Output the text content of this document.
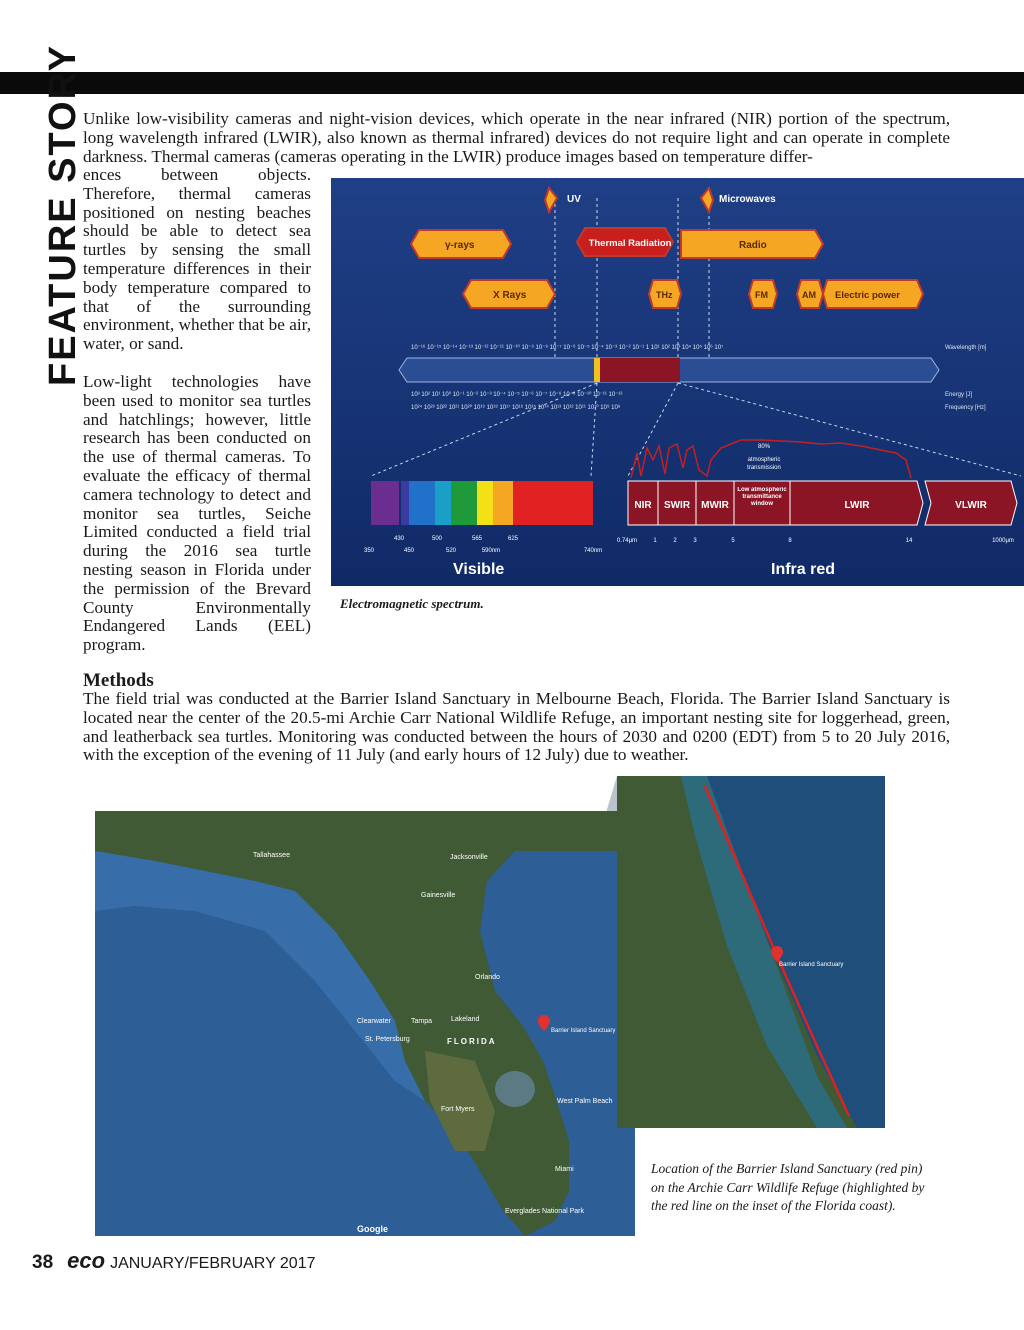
FEATURE STORY Unlike low-visibility cameras and night-vision devices, which operate in the near infrared (NIR) portion of the spectrum, long wavelength infrared (LWIR), also known as thermal infrared) devices do not require light and can operate in complete darkness. Thermal cameras (cameras operating in the LWIR) produce images based on temperature differ-

ences between objects. Therefore, thermal cameras positioned on nesting beaches should be able to detect sea turtles by sensing the small temperature differences in their body temperature compared to that of the surrounding environment, whether that be air, water, or sand.

Low-light technologies have been used to monitor sea turtles and hatchlings; however, little research has been conducted on the use of thermal cameras. To evaluate the efficacy of thermal camera technology to detect and monitor sea turtles, Seiche Limited conducted a field trial during the 2016 sea turtle nesting season in Florida under the permission of the Brevard County Environmentally Endangered Lands (EEL) program.

Methods

The field trial was conducted at the Barrier Island Sanctuary in Melbourne Beach, Florida. The Barrier Island Sanctuary is located near the center of the 20.5-mi Archie Carr National Wildlife Refuge, an important nesting site for loggerhead, green, and leatherback sea turtles. Monitoring was conducted between the hours of 2030 and 0200 (EDT) from 5 to 20 July 2016, with the exception of the evening of 11 July (and early hours of 12 July) due to weather.

UV	Microwaves
γ-rays	Thermal Radiation	Radio
X Rays	THz	FM	AM Electric power
10⁻¹⁶ 10⁻¹⁵ 10⁻¹⁴ 10⁻¹³ 10⁻¹² 10⁻¹¹ 10⁻¹⁰ 10⁻⁹ 10⁻⁸ 10⁻⁷ 10⁻⁶ 10⁻⁵ 10⁻⁴ 10⁻³ 10⁻² 10⁻¹ 1 10¹ 10² 10³ 10⁴ 10⁵ 10⁶ 10⁷
10³ 10² 10¹ 10⁰ 10⁻¹ 10⁻² 10⁻³ 10⁻⁴ 10⁻⁵ 10⁻⁶ 10⁻⁷ 10⁻⁸ 10⁻⁹ 10⁻¹⁰ 10⁻¹¹ 10⁻¹²
10²⁴ 10²³ 10²² 10²¹ 10²⁰ 10¹⁹ 10¹⁸ 10¹⁷ 10¹⁶ 10¹⁵ 10¹⁴ 10¹³ 10¹² 10¹¹ 10¹⁰ 10⁹ 10⁸
Wavelength [m]
Energy [J]
Frequency [Hz]
80%
atmospheric
transmission
430	500	565	625
350	450	520	590nm	740nm
NIR SWIR MWIR	LWIR	VLWIR
Low atmospheric transmittance window
0.74μm	1	2	3	5	8	14	1000μm
Visible	Infra red

Electromagnetic spectrum.

Tallahassee	Jacksonville
Gainesville
Orlando
Tampa
Clearwater
St. Petersburg
Lakeland
Fort Myers
Miami
West Palm Beach
Everglades National Park
FLORIDA
Barrier Island Sanctuary
Google
Barrier Island Sanctuary

Location of the Barrier Island Sanctuary (red pin) on the Archie Carr Wildlife Refuge (highlighted by the red line on the inset of the Florida coast).

38 eco JANUARY/FEBRUARY 2017
